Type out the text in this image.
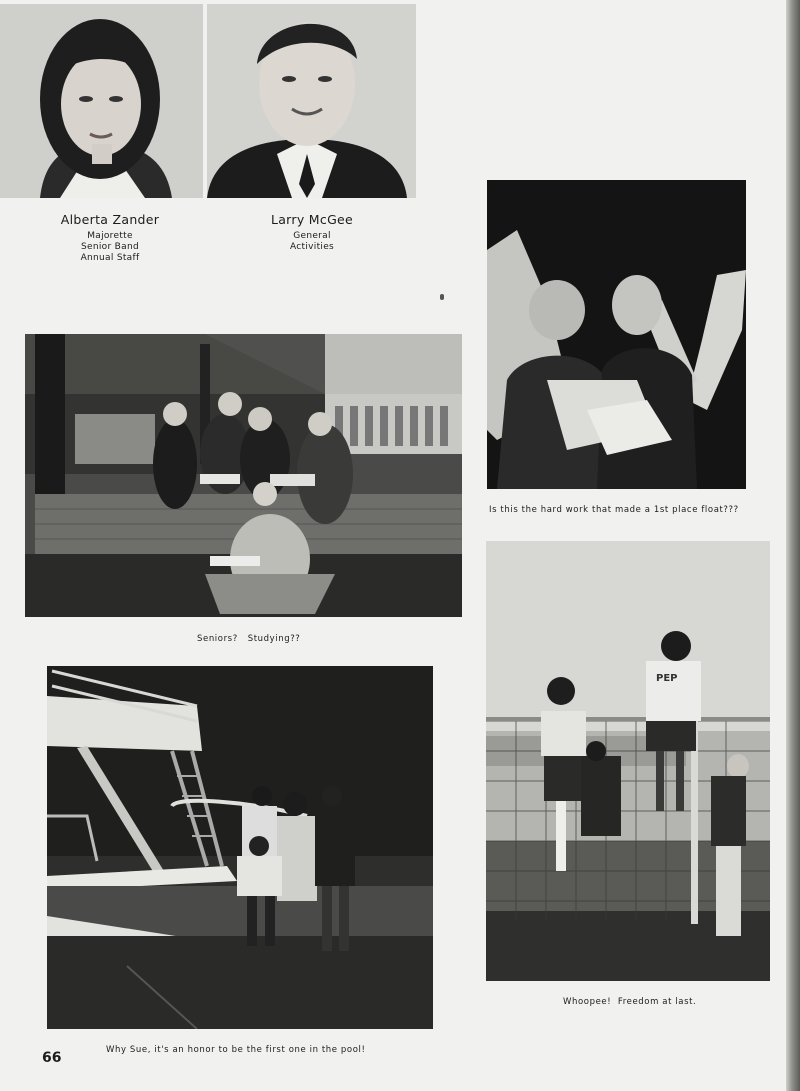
Alberta Zander
Majorette
Senior Band
Annual Staff
Larry McGee
General
Activities
Is this the hard work that made a 1st place float???
Seniors?   Studying??
PEP
Whoopee!  Freedom at last.
Why Sue, it's an honor to be the first one in the pool!
66
